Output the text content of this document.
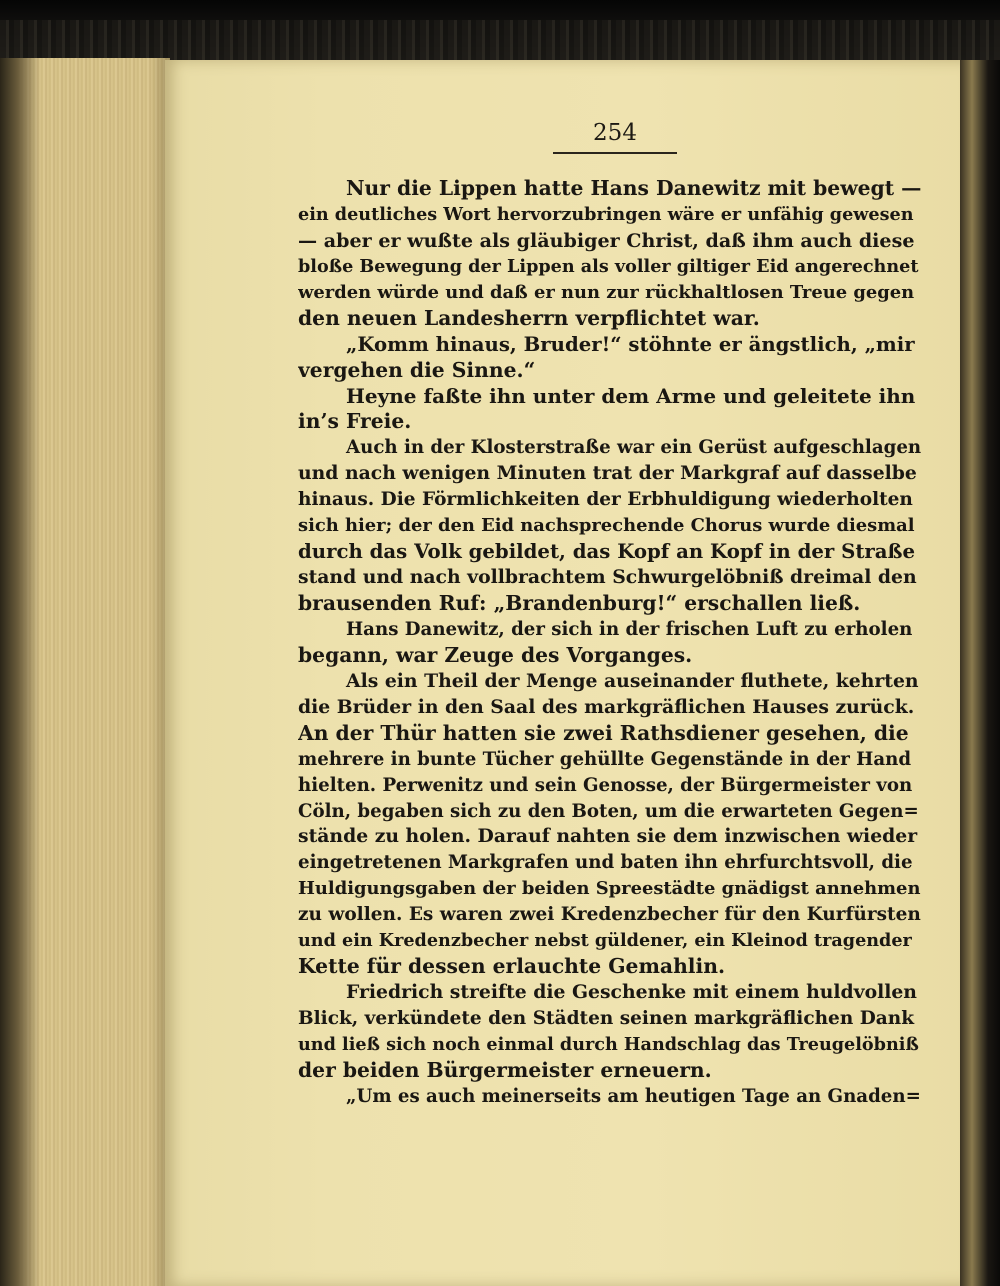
254
Nur die Lippen hatte Hans Danewitz mit bewegt —
ein deutliches Wort hervorzubringen wäre er unfähig gewesen
— aber er wußte als gläubiger Christ, daß ihm auch diese
bloße Bewegung der Lippen als voller giltiger Eid angerechnet
werden würde und daß er nun zur rückhaltlosen Treue gegen
den neuen Landesherrn verpflichtet war.
„Komm hinaus, Bruder!“ stöhnte er ängstlich, „mir
vergehen die Sinne.“
Heyne faßte ihn unter dem Arme und geleitete ihn
in’s Freie.
Auch in der Klosterstraße war ein Gerüst aufgeschlagen
und nach wenigen Minuten trat der Markgraf auf dasselbe
hinaus. Die Förmlichkeiten der Erbhuldigung wiederholten
sich hier; der den Eid nachsprechende Chorus wurde diesmal
durch das Volk gebildet, das Kopf an Kopf in der Straße
stand und nach vollbrachtem Schwurgelöbniß dreimal den
brausenden Ruf: „Brandenburg!“ erschallen ließ.
Hans Danewitz, der sich in der frischen Luft zu erholen
begann, war Zeuge des Vorganges.
Als ein Theil der Menge auseinander fluthete, kehrten
die Brüder in den Saal des markgräflichen Hauses zurück.
An der Thür hatten sie zwei Rathsdiener gesehen, die
mehrere in bunte Tücher gehüllte Gegenstände in der Hand
hielten. Perwenitz und sein Genosse, der Bürgermeister von
Cöln, begaben sich zu den Boten, um die erwarteten Gegen=
stände zu holen. Darauf nahten sie dem inzwischen wieder
eingetretenen Markgrafen und baten ihn ehrfurchtsvoll, die
Huldigungsgaben der beiden Spreestädte gnädigst annehmen
zu wollen. Es waren zwei Kredenzbecher für den Kurfürsten
und ein Kredenzbecher nebst güldener, ein Kleinod tragender
Kette für dessen erlauchte Gemahlin.
Friedrich streifte die Geschenke mit einem huldvollen
Blick, verkündete den Städten seinen markgräflichen Dank
und ließ sich noch einmal durch Handschlag das Treugelöbniß
der beiden Bürgermeister erneuern.
„Um es auch meinerseits am heutigen Tage an Gnaden=
